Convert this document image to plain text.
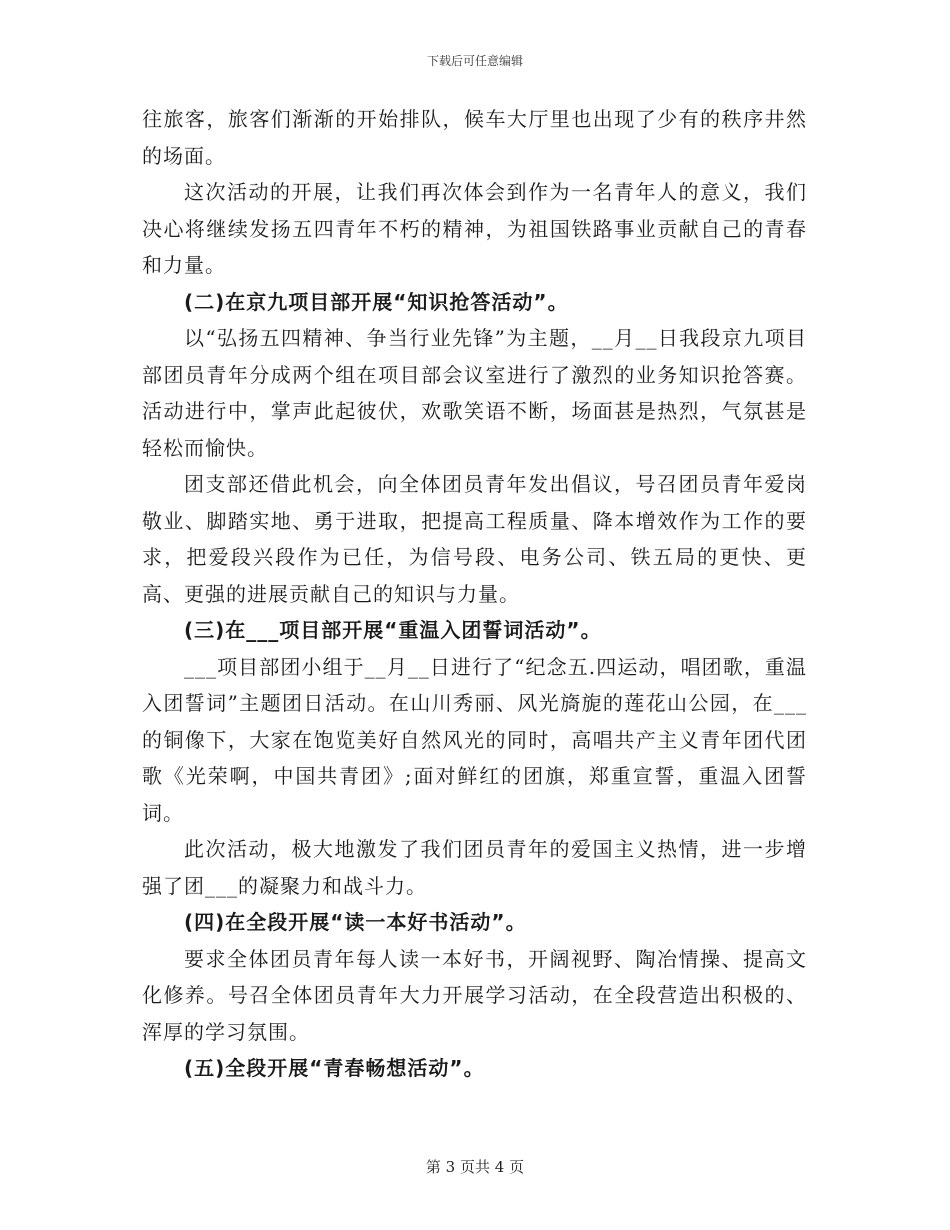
下载后可任意编辑

往旅客，旅客们渐渐的开始排队，候车大厅里也出现了少有的秩序井然的场面。

这次活动的开展，让我们再次体会到作为一名青年人的意义，我们决心将继续发扬五四青年不朽的精神，为祖国铁路事业贡献自己的青春和力量。

(二)在京九项目部开展“知识抢答活动”。

以“弘扬五四精神、争当行业先锋”为主题，__月__日我段京九项目部团员青年分成两个组在项目部会议室进行了激烈的业务知识抢答赛。活动进行中，掌声此起彼伏，欢歌笑语不断，场面甚是热烈，气氛甚是轻松而愉快。

团支部还借此机会，向全体团员青年发出倡议，号召团员青年爱岗敬业、脚踏实地、勇于进取，把提高工程质量、降本增效作为工作的要求，把爱段兴段作为已任，为信号段、电务公司、铁五局的更快、更高、更强的进展贡献自己的知识与力量。

(三)在___项目部开展“重温入团誓词活动”。

___项目部团小组于__月__日进行了“纪念五.四运动，唱团歌，重温入团誓词”主题团日活动。在山川秀丽、风光旖旎的莲花山公园，在___的铜像下，大家在饱览美好自然风光的同时，高唱共产主义青年团代团歌《光荣啊，中国共青团》;面对鲜红的团旗，郑重宣誓，重温入团誓词。

此次活动，极大地激发了我们团员青年的爱国主义热情，进一步增强了团___的凝聚力和战斗力。

(四)在全段开展“读一本好书活动”。

要求全体团员青年每人读一本好书，开阔视野、陶冶情操、提高文化修养。号召全体团员青年大力开展学习活动，在全段营造出积极的、浑厚的学习氛围。

(五)全段开展“青春畅想活动”。

第 3 页共 4 页
